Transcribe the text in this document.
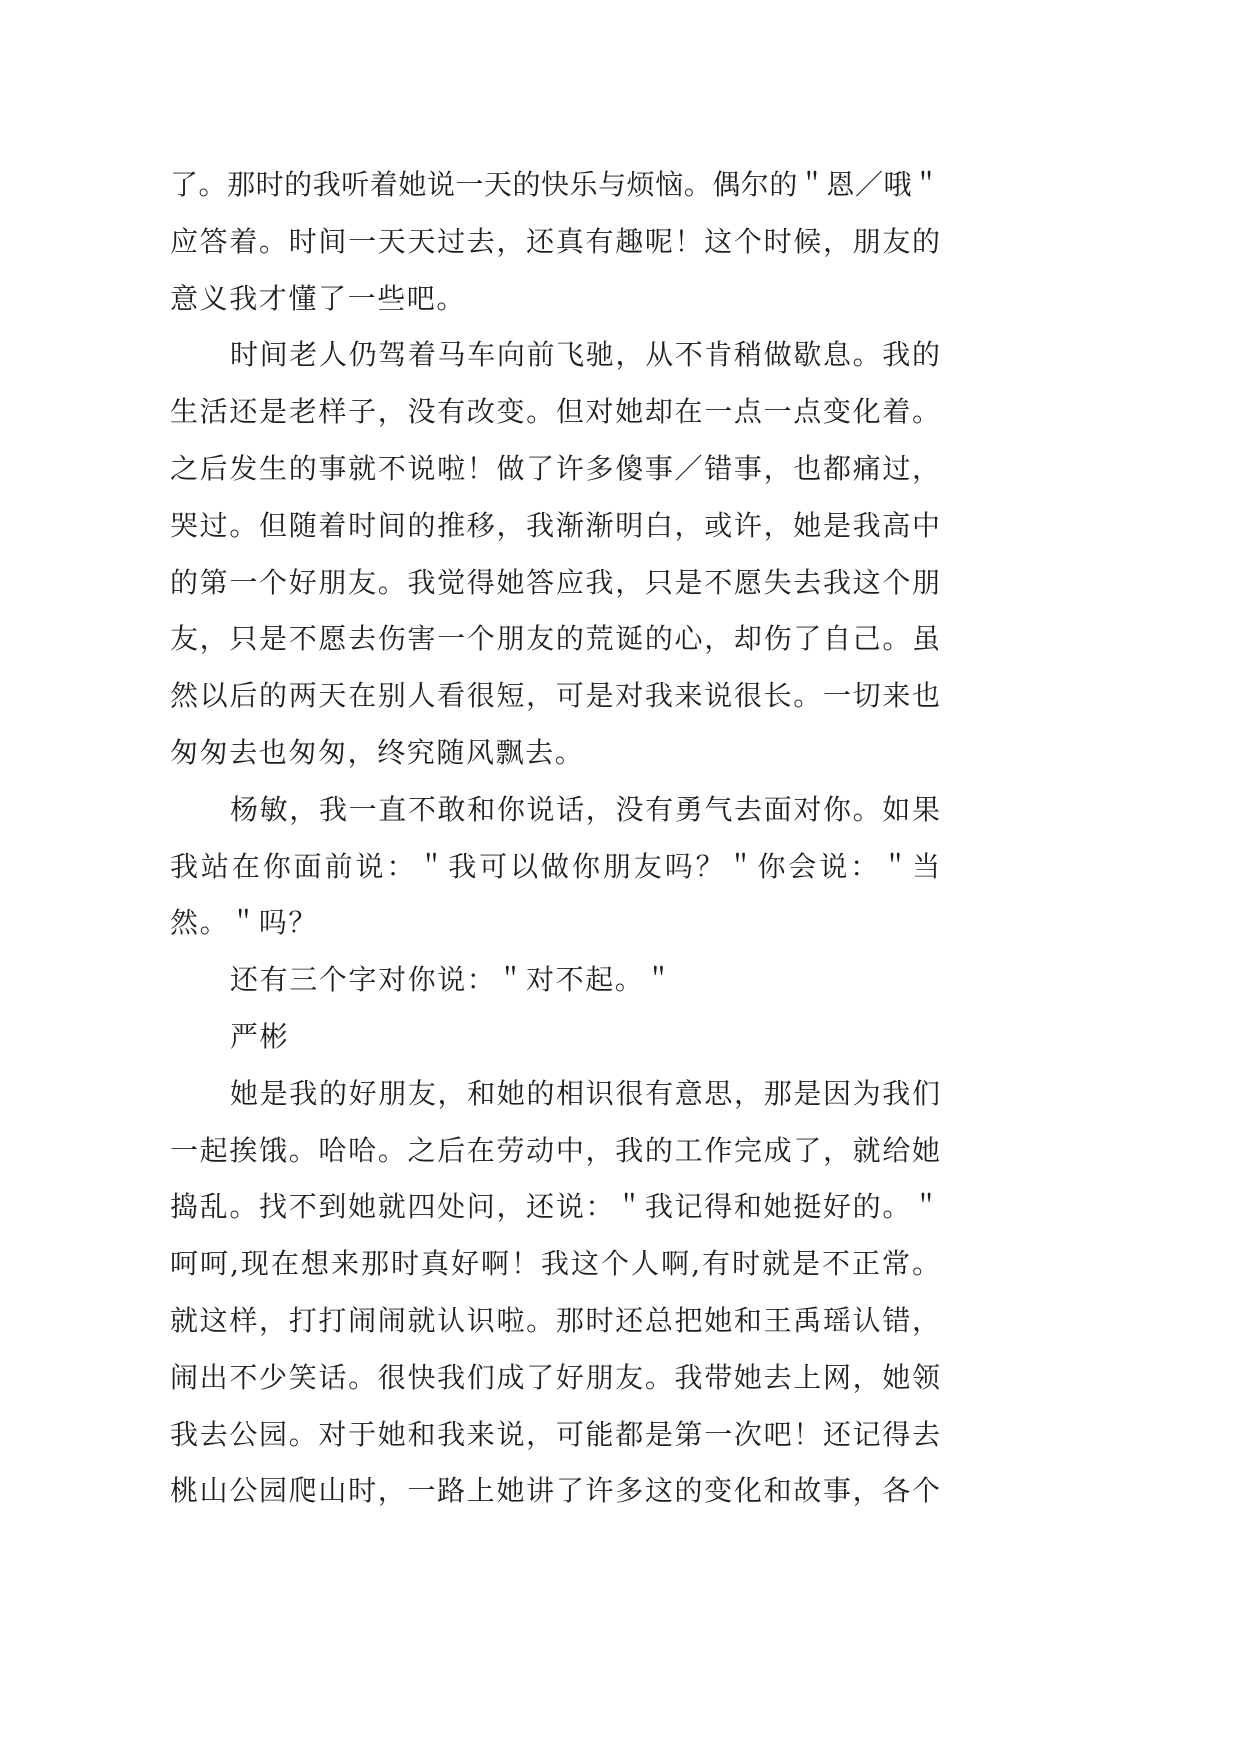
了。那时的我听着她说一天的快乐与烦恼。偶尔的＂恩／哦＂
应答着。时间一天天过去，还真有趣呢！这个时候，朋友的
意义我才懂了一些吧。
时间老人仍驾着马车向前飞驰，从不肯稍做歇息。我的
生活还是老样子，没有改变。但对她却在一点一点变化着。
之后发生的事就不说啦！做了许多傻事／错事，也都痛过，
哭过。但随着时间的推移，我渐渐明白，或许，她是我高中
的第一个好朋友。我觉得她答应我，只是不愿失去我这个朋
友，只是不愿去伤害一个朋友的荒诞的心，却伤了自己。虽
然以后的两天在别人看很短，可是对我来说很长。一切来也
匆匆去也匆匆，终究随风飘去。
杨敏，我一直不敢和你说话，没有勇气去面对你。如果
我站在你面前说：＂我可以做你朋友吗？＂你会说：＂当
然。＂吗？
还有三个字对你说：＂对不起。＂
严彬
她是我的好朋友，和她的相识很有意思，那是因为我们
一起挨饿。哈哈。之后在劳动中，我的工作完成了，就给她
捣乱。找不到她就四处问，还说：＂我记得和她挺好的。＂
呵呵,现在想来那时真好啊！我这个人啊,有时就是不正常。
就这样，打打闹闹就认识啦。那时还总把她和王禹瑶认错，
闹出不少笑话。很快我们成了好朋友。我带她去上网，她领
我去公园。对于她和我来说，可能都是第一次吧！还记得去
桃山公园爬山时，一路上她讲了许多这的变化和故事，各个
